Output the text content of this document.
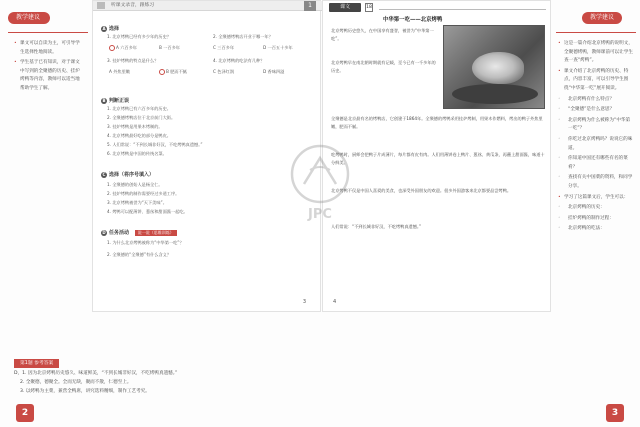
教学建议
• 课文可以自读为主，可引导学生选择性地阅读。
• 学生基于已有知识，对于课文中写到的全聚德的历史、挂炉烤鸭等内容，教师可以适当地帮助学生了解。
听课文录音，跟练习	1
A 选择
1. 北京烤鸭已经有多少年的历史？	2. 全聚德烤鸭店开业于哪一年？
A 六百多年	B 一百多年	C 三百多年	D 一百五十多年
3. 挂炉烤鸭的特点是什么？	4. 北京烤鸭的吃法有几种？
A 外焦里嫩	B 肥而不腻	C 色泽红润	D 香味四溢
B 判断正误
1. 北京烤鸭已有六百多年的历史。
2. 全聚德烤鸭店位于北京前门大街。
3. 挂炉烤鸭是用果木烤制的。
4. 北京烤鸭最好吃的部分是鸭皮。
5. 人们常说：“不到长城非好汉，不吃烤鸭真遗憾。”
6. 北京烤鸭是中国的传统名菜。
C 选择（将序号填入）
1. 全聚德的创始人是杨全仁。
2. 挂炉烤鸭的制作需要经过多道工序。
3. 北京烤鸭被誉为“天下美味”。
4. 烤鸭可以配薄饼、葱丝和甜面酱一起吃。
D 任务活动 说一说（思维训练）
1. 为什么北京烤鸭被称为“中华第一吃”？
2. 全聚德的“全聚德”有什么含义？
3
课文	18
中华第一吃——北京烤鸭
北京烤鸭历史悠久，在中国享有盛誉，被誉为“中华第一吃”。
北京烤鸭早在南北朝时期就有记载，至今已有一千多年的历史。
全聚德是北京最有名的烤鸭店，它创建于1864年。全聚德的烤鸭采用挂炉烤制，用果木作燃料，烤出的鸭子外焦里嫩，肥而不腻。
吃烤鸭时，厨师会把鸭子片成薄片，每片都有皮有肉。人们用薄饼卷上鸭片、葱丝、黄瓜条，再蘸上甜面酱，味道十分鲜美。
北京烤鸭不仅是中国人喜爱的美食，也深受外国朋友的欢迎。很多外国游客来北京都要品尝烤鸭。
人们常说：“不到长城非好汉，不吃烤鸭真遗憾。”
4
教学建议
• 这是一篇介绍北京烤鸭的说明文，全聚德烤鸭，教师课前可以让学生查一查“烤鸭”。
• 课文介绍了北京烤鸭的历史、特点，内容丰富，可以引导学生围绕“中华第一吃”展开阅读。
◦ 北京烤鸭有什么特点？
◦ “全聚德”是什么意思？
◦ 北京烤鸭为什么被称为“中华第一吃”？
◦ 你吃过北京烤鸭吗？说说它的味道。
◦ 你知道中国还有哪些有名的菜肴？
◦ 查找有关中国菜的资料，和同学分享。
• 学习了这篇课文后，学生可以：
◦ 北京烤鸭的历史：
◦ 挂炉烤鸭的制作过程：
◦ 北京烤鸭的吃法：
第1题 参考答案
D，1. 因为北京烤鸭历史悠久、味道鲜美，“不到长城非好汉，不吃烤鸭真遗憾。”
2. 全聚德，德聚全。全而无缺，聚而不散，仁德至上。
3. 以烤鸭为主菜，兼营全鸭席，讲究选料精细，制作工艺考究。
2	3
JPC
